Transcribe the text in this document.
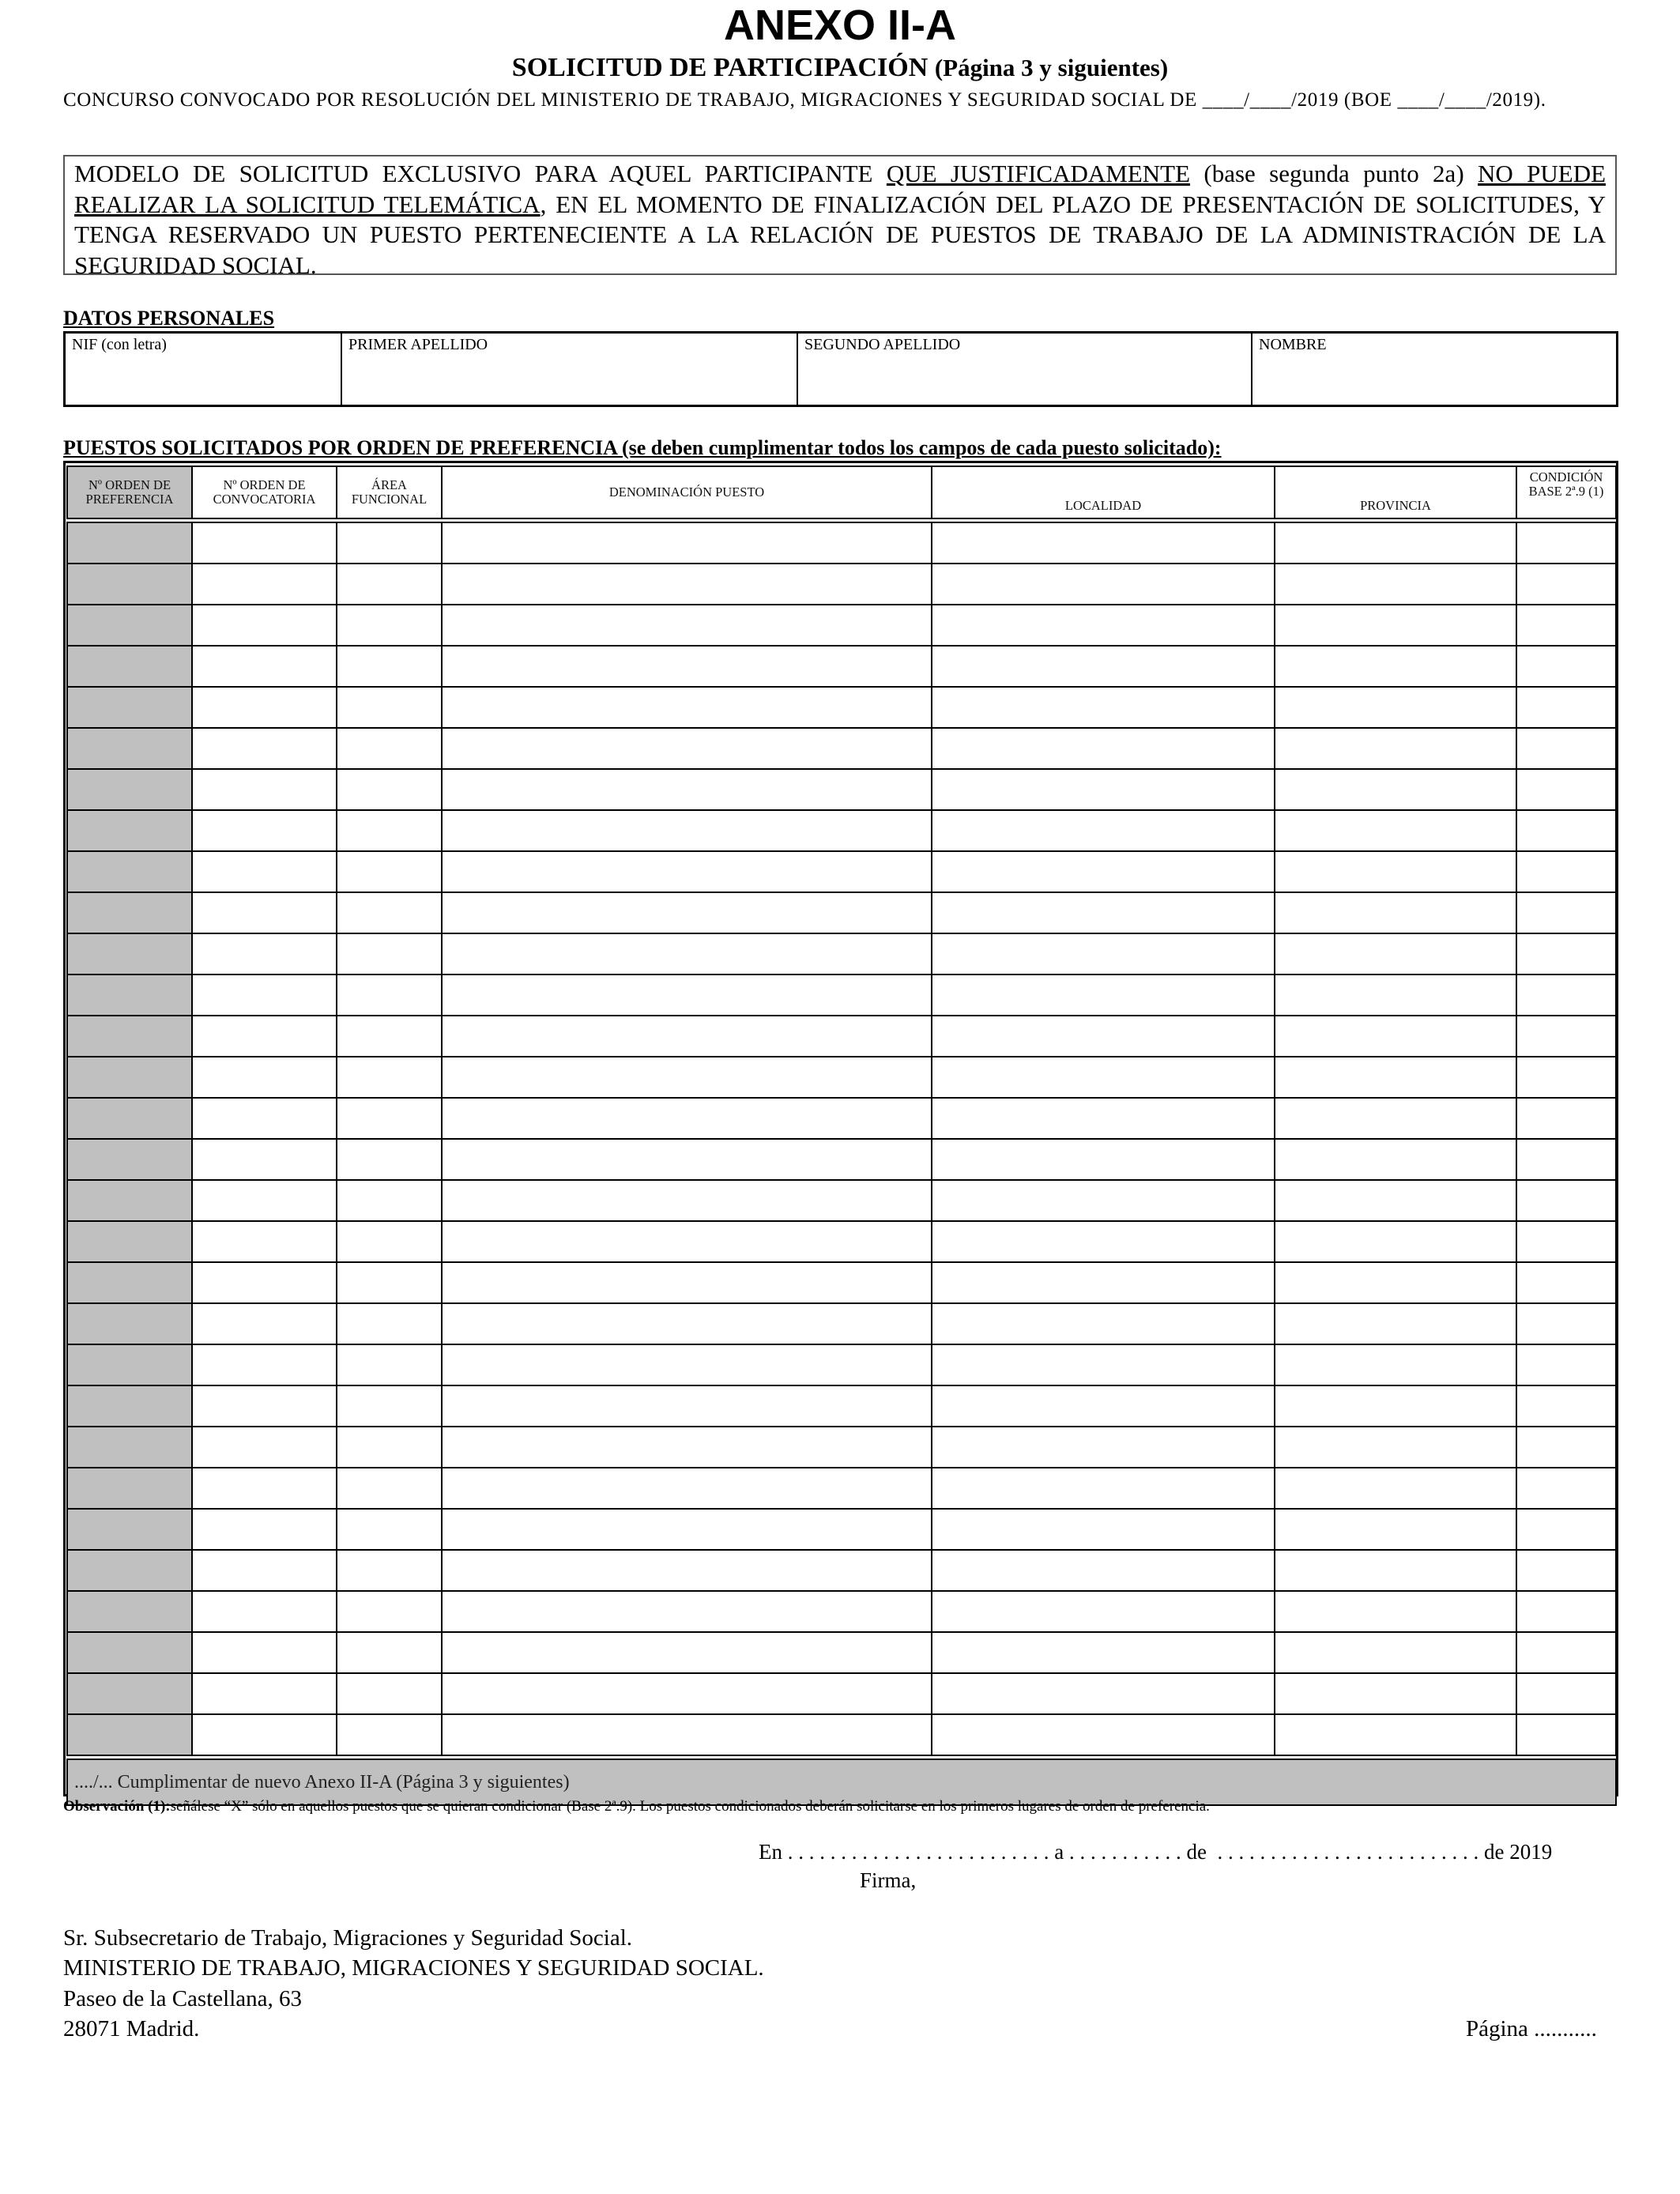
ANEXO II-A
SOLICITUD DE PARTICIPACIÓN (Página 3 y siguientes)
CONCURSO CONVOCADO POR RESOLUCIÓN DEL MINISTERIO DE TRABAJO, MIGRACIONES Y SEGURIDAD SOCIAL DE ____/____/2019 (BOE ____/____/2019).
MODELO DE SOLICITUD EXCLUSIVO PARA AQUEL PARTICIPANTE QUE JUSTIFICADAMENTE (base segunda punto 2a) NO PUEDE REALIZAR LA SOLICITUD TELEMÁTICA, EN EL MOMENTO DE FINALIZACIÓN DEL PLAZO DE PRESENTACIÓN DE SOLICITUDES, Y TENGA RESERVADO UN PUESTO PERTENECIENTE A LA RELACIÓN DE PUESTOS DE TRABAJO DE LA ADMINISTRACIÓN DE LA SEGURIDAD SOCIAL.
DATOS PERSONALES
NIF (con letra)	PRIMER APELLIDO	SEGUNDO APELLIDO	NOMBRE
PUESTOS SOLICITADOS POR ORDEN DE PREFERENCIA (se deben cumplimentar todos los campos de cada puesto solicitado):
Nº ORDEN DE PREFERENCIA	Nº ORDEN DE CONVOCATORIA	ÁREA FUNCIONAL	DENOMINACIÓN PUESTO	LOCALIDAD	PROVINCIA	CONDICIÓN BASE 2ª.9 (1)

..../... Cumplimentar de nuevo Anexo II-A (Página 3 y siguientes)						
Observación (1):señálese “X” sólo en aquellos puestos que se quieran condicionar (Base 2ª.9). Los puestos condicionados deberán solicitarse en los primeros lugares de orden de preferencia.
En . . . . . . . . . . . . . . . . . . . . . . . . . a . . . . . . . . . . . de  . . . . . . . . . . . . . . . . . . . . . . . . . de 2019
Firma,
Sr. Subsecretario de Trabajo, Migraciones y Seguridad Social.
MINISTERIO DE TRABAJO, MIGRACIONES Y SEGURIDAD SOCIAL.
Paseo de la Castellana, 63
28071 Madrid.	Página ...........
